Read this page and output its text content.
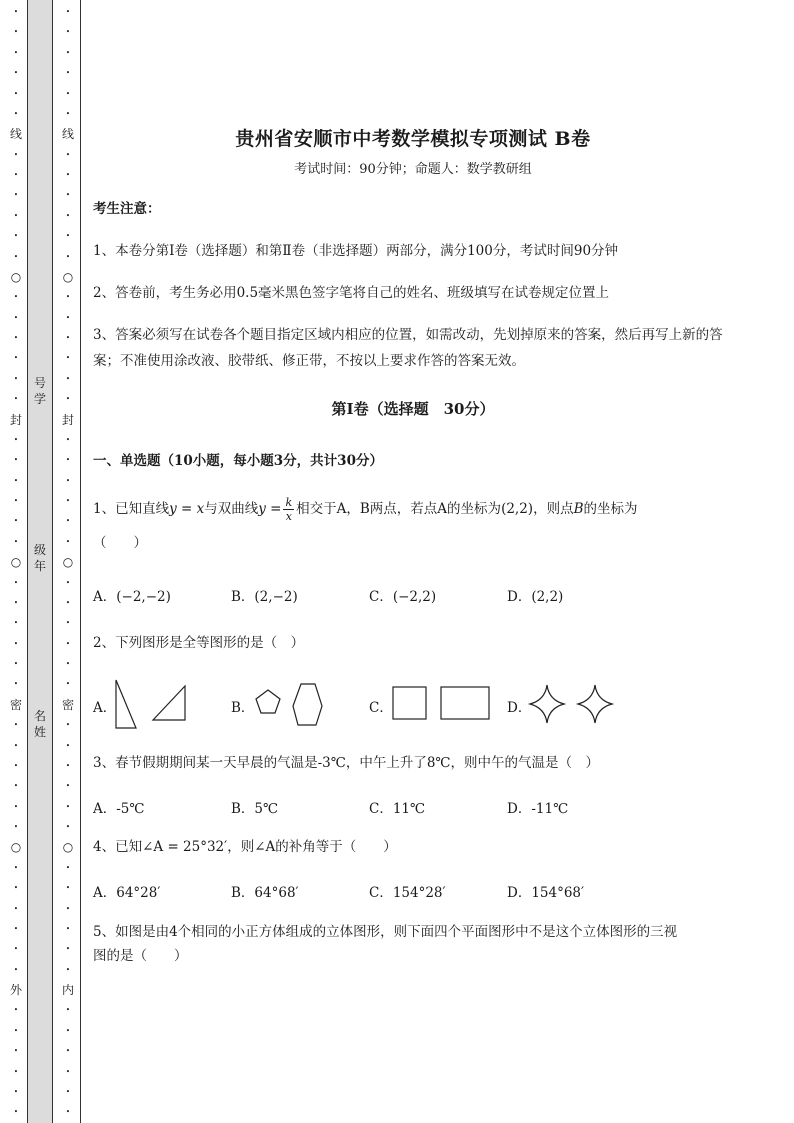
•
•
•
•
•
•
线
•
•
•
•
•
•
○
•
•
•
•
•
•
封
•
•
•
•
•
•
○
•
•
•
•
•
•
密
•
•
•
•
•
•
○
•
•
•
•
•
•
外
•
•
•
•
•
•
号
学
级
年
名
姓
•
•
•
•
•
•
线
•
•
•
•
•
•
○
•
•
•
•
•
•
封
•
•
•
•
•
•
○
•
•
•
•
•
•
密
•
•
•
•
•
•
○
•
•
•
•
•
•
内
•
•
•
•
•
•
贵州省安顺市中考数学模拟专项测试 B卷
考试时间：90分钟；命题人：数学教研组
考生注意：
1、本卷分第Ⅰ卷（选择题）和第Ⅱ卷（非选择题）两部分，满分100分，考试时间90分钟
2、答卷前，考生务必用0.5毫米黑色签字笔将自己的姓名、班级填写在试卷规定位置上
3、答案必须写在试卷各个题目指定区域内相应的位置，如需改动，先划掉原来的答案，然后再写上新的答案；不准使用涂改液、胶带纸、修正带，不按以上要求作答的答案无效。
第Ⅰ卷（选择题　30分）
一、单选题（10小题，每小题3分，共计30分）
1、已知直线y = x与双曲线$y = \frac{k}{x}$ 相交于A，B两点，若点A的坐标为(2,2)，则点B的坐标为
（　　）
A．(−2,−2)	B．(2,−2)	C．(−2,2)	D．(2,2)
2、下列图形是全等图形的是（　）
A．	B．	C．	D．
3、春节假期期间某一天早晨的气温是-3℃，中午上升了8℃，则中午的气温是（　）
A．-5℃	B．5℃	C．11℃	D．-11℃
4、已知∠A = 25°32′，则∠A的补角等于（　　）
A．64°28′	B．64°68′	C．154°28′	D．154°68′
5、如图是由4个相同的小正方体组成的立体图形，则下面四个平面图形中不是这个立体图形的三视
图的是（　　）
